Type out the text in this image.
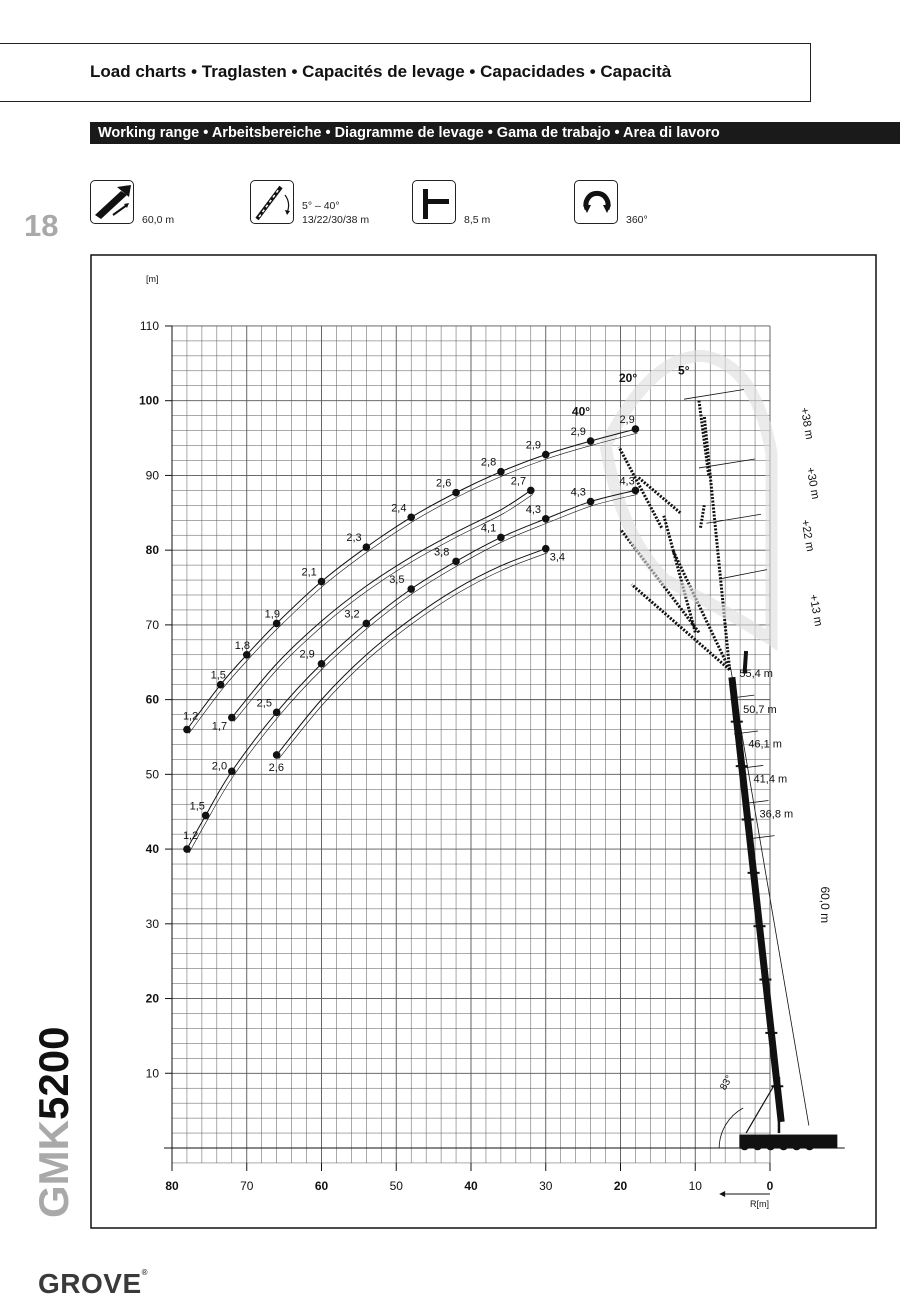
Load charts • Traglasten • Capacités de levage • Capacidades • Capacità
Working range • Arbeitsbereiche • Diagramme de levage • Gama de trabajo • Area di lavoro
18	60,0 m
5° – 40°
13/22/30/38 m	8,5 m	360°
10
20
30
40
50
60
70
80
90
100
110
80	70	60	50	40	30	20	10	0
[m]
R[m]
83°
55,4 m
50,7 m
46,1 m
41,4 m
36,8 m
60,0 m
+38 m
+30 m
+22 m
+13 m
40°
20°
5°
1,2
1,5
1,8
1,9
2,1
2,3
2,4
2,6
2,8
2,9
2,9
2,9
1,7
2,7
1,2
1,5
2,0
2,5
2,9
3,2
3,5
3,8
4,1
4,3
4,3
4,3
2,6
3,4
GMK5200
GROVE®
